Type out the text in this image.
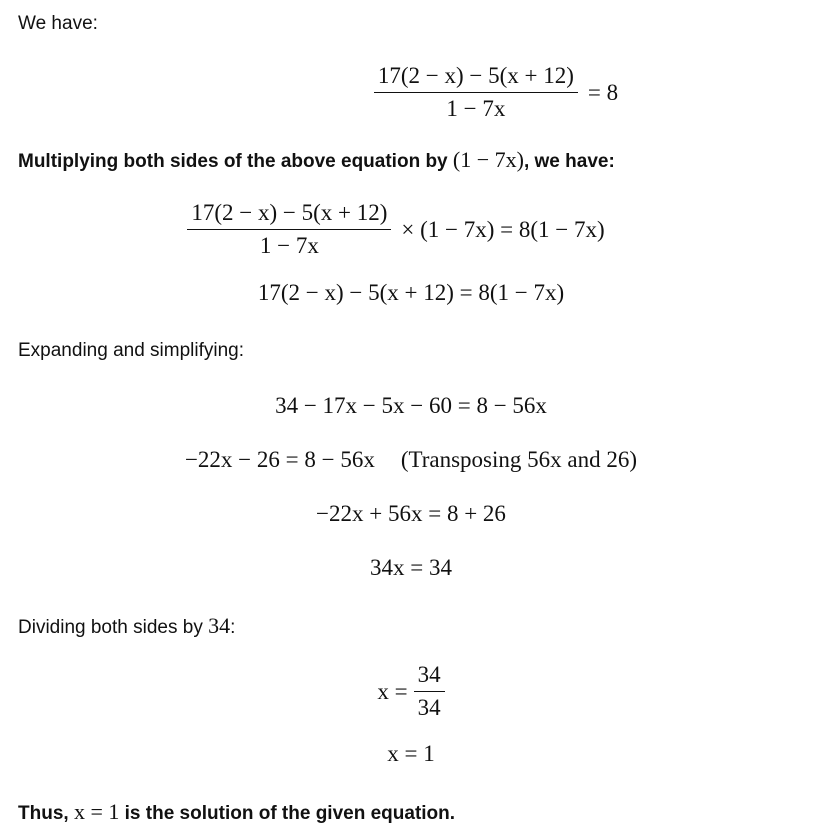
We have:
$\frac{17(2 - x) - 5(x + 12)}{1 - 7x} = 8$
Multiplying both sides of the above equation by (1 − 7x), we have:
$\frac{17(2 - x) - 5(x + 12)}{1 - 7x} \times (1 - 7x) = 8(1 - 7x)$
17(2 − x) − 5(x + 12) = 8(1 − 7x)
Expanding and simplifying:
34 − 17x − 5x − 60 = 8 − 56x
−22x − 26 = 8 − 56x (Transposing 56x and 26)
−22x + 56x = 8 + 26
34x = 34
Dividing both sides by 34:
$x = \frac{34}{34}$
x = 1
Thus, x = 1 is the solution of the given equation.
